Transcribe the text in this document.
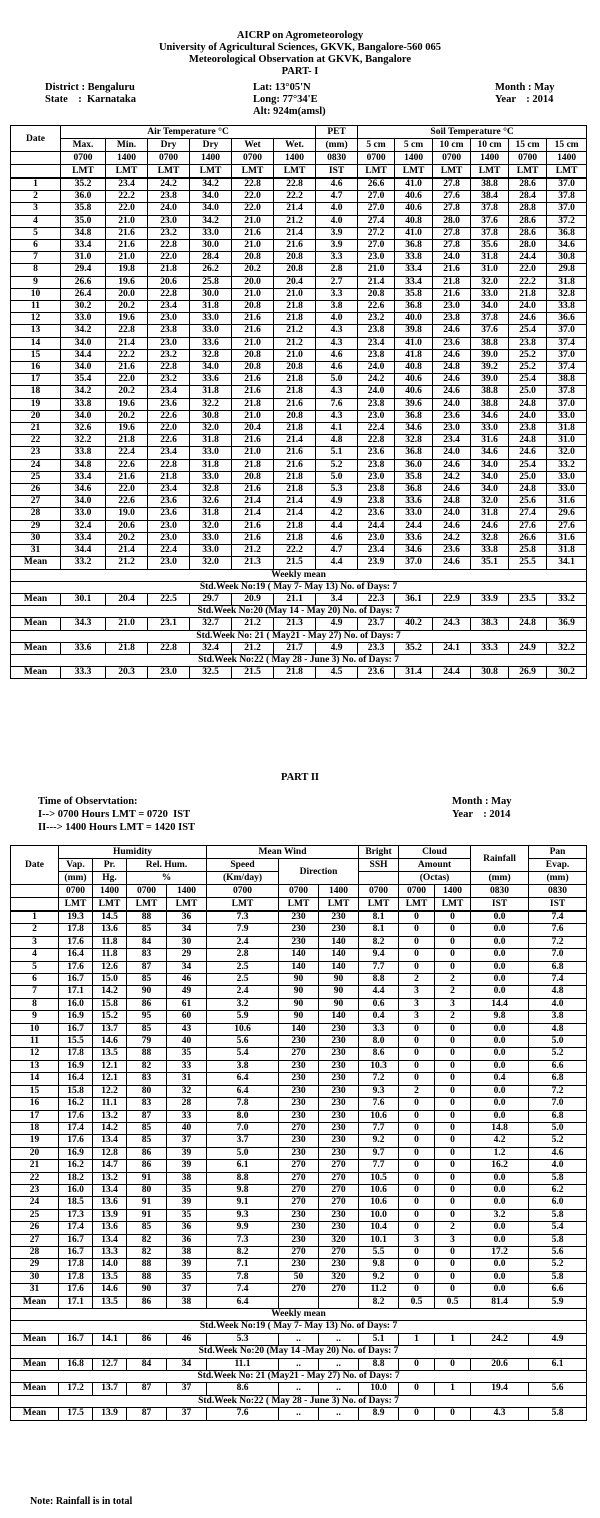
AICRP on Agrometeorology
University of Agricultural Sciences, GKVK, Bangalore-560 065
Meteorological Observation at GKVK, Bangalore
PART- I
District : Bengaluru
State    :  Karnataka
Lat: 13°05'N
Long: 77°34'E
Alt: 924m(amsl)
Month : May
Year    : 2014
Date	Air Temperature °C						PET	Soil Temperature °C					
	Max.	Min.	Dry	Dry	Wet	Wet.	(mm)	5 cm	5 cm	10 cm	10 cm	15 cm	15 cm
	0700	1400	0700	1400	0700	1400	0830	0700	1400	0700	1400	0700	1400
	LMT	LMT	LMT	LMT	LMT	LMT	IST	LMT	LMT	LMT	LMT	LMT	LMT
1	35.2	23.4	24.2	34.2	22.8	22.8	4.6	26.6	41.0	27.8	38.8	28.6	37.0
2	36.0	22.2	23.8	34.0	22.0	22.2	4.7	27.0	40.6	27.6	38.4	28.4	37.8
3	35.8	22.0	24.0	34.0	22.0	21.4	4.0	27.0	40.6	27.8	37.8	28.8	37.0
4	35.0	21.0	23.0	34.2	21.0	21.2	4.0	27.4	40.8	28.0	37.6	28.6	37.2
5	34.8	21.6	23.2	33.0	21.6	21.4	3.9	27.2	41.0	27.8	37.8	28.6	36.8
6	33.4	21.6	22.8	30.0	21.0	21.6	3.9	27.0	36.8	27.8	35.6	28.0	34.6
7	31.0	21.0	22.0	28.4	20.8	20.8	3.3	23.0	33.8	24.0	31.8	24.4	30.8
8	29.4	19.8	21.8	26.2	20.2	20.8	2.8	21.0	33.4	21.6	31.0	22.0	29.8
9	26.6	19.6	20.6	25.8	20.0	20.4	2.7	21.4	33.4	21.8	32.0	22.2	31.8
10	26.4	20.0	22.8	30.0	21.0	21.0	3.3	20.8	35.8	21.6	33.0	21.8	32.8
11	30.2	20.2	23.4	31.8	20.8	21.8	3.8	22.6	36.8	23.0	34.0	24.0	33.8
12	33.0	19.6	23.0	33.0	21.6	21.8	4.0	23.2	40.0	23.8	37.8	24.6	36.6
13	34.2	22.8	23.8	33.0	21.6	21.2	4.3	23.8	39.8	24.6	37.6	25.4	37.0
14	34.0	21.4	23.0	33.6	21.0	21.2	4.3	23.4	41.0	23.6	38.8	23.8	37.4
15	34.4	22.2	23.2	32.8	20.8	21.0	4.6	23.8	41.8	24.6	39.0	25.2	37.0
16	34.0	21.6	22.8	34.0	20.8	20.8	4.6	24.0	40.8	24.8	39.2	25.2	37.4
17	35.4	22.0	23.2	33.6	21.6	21.8	5.0	24.2	40.6	24.6	39.0	25.4	38.8
18	34.2	20.2	23.4	31.8	21.6	21.8	4.3	24.0	40.6	24.6	38.8	25.0	37.8
19	33.8	19.6	23.6	32.2	21.8	21.6	7.6	23.8	39.6	24.0	38.8	24.8	37.0
20	34.0	20.2	22.6	30.8	21.0	20.8	4.3	23.0	36.8	23.6	34.6	24.0	33.0
21	32.6	19.6	22.0	32.0	20.4	21.8	4.1	22.4	34.6	23.0	33.0	23.8	31.8
22	32.2	21.8	22.6	31.8	21.6	21.4	4.8	22.8	32.8	23.4	31.6	24.8	31.0
23	33.8	22.4	23.4	33.0	21.0	21.6	5.1	23.6	36.8	24.0	34.6	24.6	32.0
24	34.8	22.6	22.8	31.8	21.8	21.6	5.2	23.8	36.0	24.6	34.0	25.4	33.2
25	33.4	21.6	21.8	33.0	20.8	21.8	5.0	23.0	35.8	24.2	34.0	25.0	33.0
26	34.6	22.0	23.4	32.8	21.6	21.8	5.3	23.8	36.8	24.6	34.0	24.8	33.0
27	34.0	22.6	23.6	32.6	21.4	21.4	4.9	23.8	33.6	24.8	32.0	25.6	31.6
28	33.0	19.0	23.6	31.8	21.4	21.4	4.2	23.6	33.0	24.0	31.8	27.4	29.6
29	32.4	20.6	23.0	32.0	21.6	21.8	4.4	24.4	24.4	24.6	24.6	27.6	27.6
30	33.4	20.2	23.0	33.0	21.6	21.8	4.6	23.0	33.6	24.2	32.8	26.6	31.6
31	34.4	21.4	22.4	33.0	21.2	22.2	4.7	23.4	34.6	23.6	33.8	25.8	31.8
Mean	33.2	21.2	23.0	32.0	21.3	21.5	4.4	23.9	37.0	24.6	35.1	25.5	34.1
Weekly mean													
Std.Week No:19 ( May 7- May 13) No. of Days: 7													
Mean	30.1	20.4	22.5	29.7	20.9	21.1	3.4	22.3	36.1	22.9	33.9	23.5	33.2
Std.Week No:20 (May 14 - May 20) No. of Days: 7													
Mean	34.3	21.0	23.1	32.7	21.2	21.3	4.9	23.7	40.2	24.3	38.3	24.8	36.9
Std.Week No: 21 ( May21 - May 27) No. of Days: 7													
Mean	33.6	21.8	22.8	32.4	21.2	21.7	4.9	23.3	35.2	24.1	33.3	24.9	32.2
Std.Week No:22 ( May 28 - June 3) No. of Days: 7													
Mean	33.3	20.3	23.0	32.5	21.5	21.8	4.5	23.6	31.4	24.4	30.8	26.9	30.2
PART II
Time of Observtation:
I--> 0700 Hours LMT = 0720  IST
II---> 1400 Hours LMT = 1420 IST
Month : May
Year    : 2014
Date	Humidity				Mean Wind			Bright	Cloud		Rainfall	Pan
	Vap.	Pr.	Rel. Hum.		Speed	Direction		SSH	Amount			Evap.
	(mm)	Hg.	%		(Km/day)				(Octas)		(mm)	(mm)
	0700	1400	0700	1400	0700	0700	1400	0700	0700	1400	0830	0830
	LMT	LMT	LMT	LMT	LMT	LMT	LMT	LMT	LMT	LMT	IST	IST
1	19.3	14.5	88	36	7.3	230	230	8.1	0	0	0.0	7.4
2	17.8	13.6	85	34	7.9	230	230	8.1	0	0	0.0	7.6
3	17.6	11.8	84	30	2.4	230	140	8.2	0	0	0.0	7.2
4	16.4	11.8	83	29	2.8	140	140	9.4	0	0	0.0	7.0
5	17.6	12.6	87	34	2.5	140	140	7.7	0	0	0.0	6.8
6	16.7	15.0	85	46	2.5	90	90	8.8	2	2	0.0	7.4
7	17.1	14.2	90	49	2.4	90	90	4.4	3	2	0.0	4.8
8	16.0	15.8	86	61	3.2	90	90	0.6	3	3	14.4	4.0
9	16.9	15.2	95	60	5.9	90	140	0.4	3	2	9.8	3.8
10	16.7	13.7	85	43	10.6	140	230	3.3	0	0	0.0	4.8
11	15.5	14.6	79	40	5.6	230	230	8.0	0	0	0.0	5.0
12	17.8	13.5	88	35	5.4	270	230	8.6	0	0	0.0	5.2
13	16.9	12.1	82	33	3.8	230	230	10.3	0	0	0.0	6.6
14	16.4	12.1	83	31	6.4	230	230	7.2	0	0	0.4	6.8
15	15.8	12.2	80	32	6.4	230	230	9.3	2	0	0.0	7.2
16	16.2	11.1	83	28	7.8	230	230	7.6	0	0	0.0	7.0
17	17.6	13.2	87	33	8.0	230	230	10.6	0	0	0.0	6.8
18	17.4	14.2	85	40	7.0	270	230	7.7	0	0	14.8	5.0
19	17.6	13.4	85	37	3.7	230	230	9.2	0	0	4.2	5.2
20	16.9	12.8	86	39	5.0	230	230	9.7	0	0	1.2	4.6
21	16.2	14.7	86	39	6.1	270	270	7.7	0	0	16.2	4.0
22	18.2	13.2	91	38	8.8	270	270	10.5	0	0	0.0	5.8
23	16.0	13.4	80	35	9.8	270	270	10.6	0	0	0.0	6.2
24	18.5	13.6	91	39	9.1	270	270	10.6	0	0	0.0	6.0
25	17.3	13.9	91	35	9.3	230	230	10.0	0	0	3.2	5.8
26	17.4	13.6	85	36	9.9	230	230	10.4	0	2	0.0	5.4
27	16.7	13.4	82	36	7.3	230	320	10.1	3	3	0.0	5.8
28	16.7	13.3	82	38	8.2	270	270	5.5	0	0	17.2	5.6
29	17.8	14.0	88	39	7.1	230	230	9.8	0	0	0.0	5.2
30	17.8	13.5	88	35	7.8	50	320	9.2	0	0	0.0	5.8
31	17.6	14.6	90	37	7.4	270	270	11.2	0	0	0.0	6.6
Mean	17.1	13.5	86	38	6.4			8.2	0.5	0.5	81.4	5.9
Weekly mean												
Std.Week No:19 ( May 7- May 13) No. of Days: 7												
Mean	16.7	14.1	86	46	5.3	..	..	5.1	1	1	24.2	4.9
Std.Week No:20 (May 14 -May 20) No. of Days: 7												
Mean	16.8	12.7	84	34	11.1	..	..	8.8	0	0	20.6	6.1
Std.Week No: 21 (May21 - May 27) No. of Days: 7												
Mean	17.2	13.7	87	37	8.6	..	..	10.0	0	1	19.4	5.6
Std.Week No:22 ( May 28 - June 3) No. of Days: 7												
Mean	17.5	13.9	87	37	7.6	..	..	8.9	0	0	4.3	5.8
Note: Rainfall is in total
